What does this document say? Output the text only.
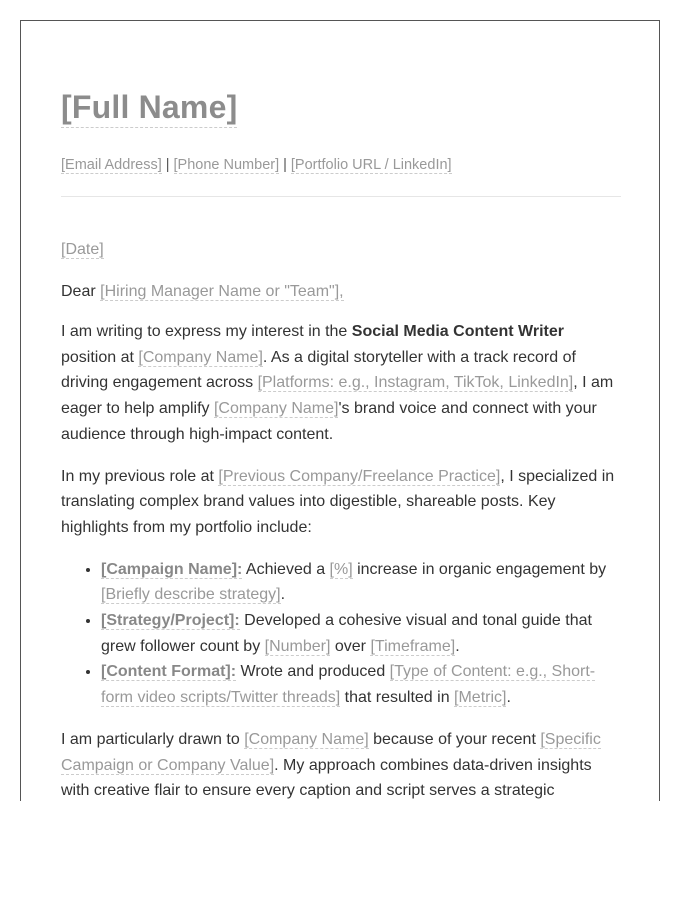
[Full Name]
[Email Address] | [Phone Number] | [Portfolio URL / LinkedIn]
[Date]
Dear [Hiring Manager Name or "Team"],

I am writing to express my interest in the Social Media Content Writer position at [Company Name]. As a digital storyteller with a track record of driving engagement across [Platforms: e.g., Instagram, TikTok, LinkedIn], I am eager to help amplify [Company Name]'s brand voice and connect with your audience through high-impact content.

In my previous role at [Previous Company/Freelance Practice], I specialized in translating complex brand values into digestible, shareable posts. Key highlights from my portfolio include:

• [Campaign Name]: Achieved a [%] increase in organic engagement by [Briefly describe strategy].
• [Strategy/Project]: Developed a cohesive visual and tonal guide that grew follower count by [Number] over [Timeframe].
• [Content Format]: Wrote and produced [Type of Content: e.g., Short-form video scripts/Twitter threads] that resulted in [Metric].

I am particularly drawn to [Company Name] because of your recent [Specific Campaign or Company Value]. My approach combines data-driven insights with creative flair to ensure every caption and script serves a strategic
